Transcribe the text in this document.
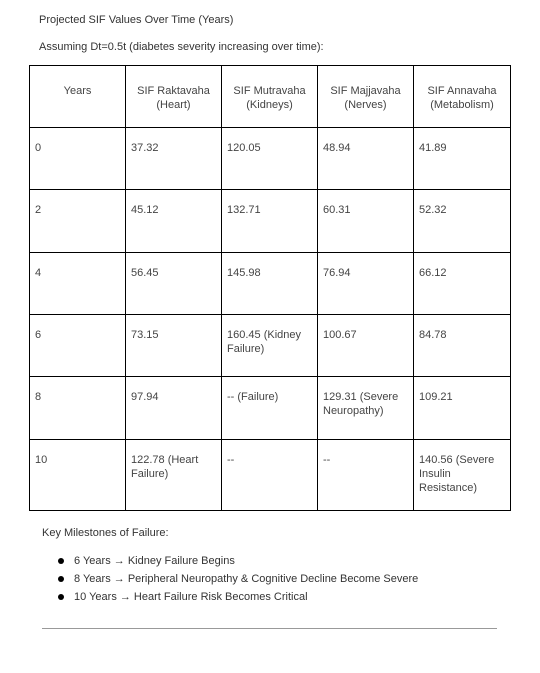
Projected SIF Values Over Time (Years)
Assuming Dt=0.5t (diabetes severity increasing over time):
Years	SIF Raktavaha (Heart)	SIF Mutravaha (Kidneys)	SIF Majjavaha (Nerves)	SIF Annavaha (Metabolism)
0	37.32	120.05	48.94	41.89
2	45.12	132.71	60.31	52.32
4	56.45	145.98	76.94	66.12
6	73.15	160.45 (Kidney Failure)	100.67	84.78
8	97.94	-- (Failure)	129.31 (Severe Neuropathy)	109.21
10	122.78 (Heart Failure)	--	--	140.56 (Severe Insulin Resistance)
Key Milestones of Failure:
6 Years → Kidney Failure Begins
8 Years → Peripheral Neuropathy & Cognitive Decline Become Severe
10 Years → Heart Failure Risk Becomes Critical
